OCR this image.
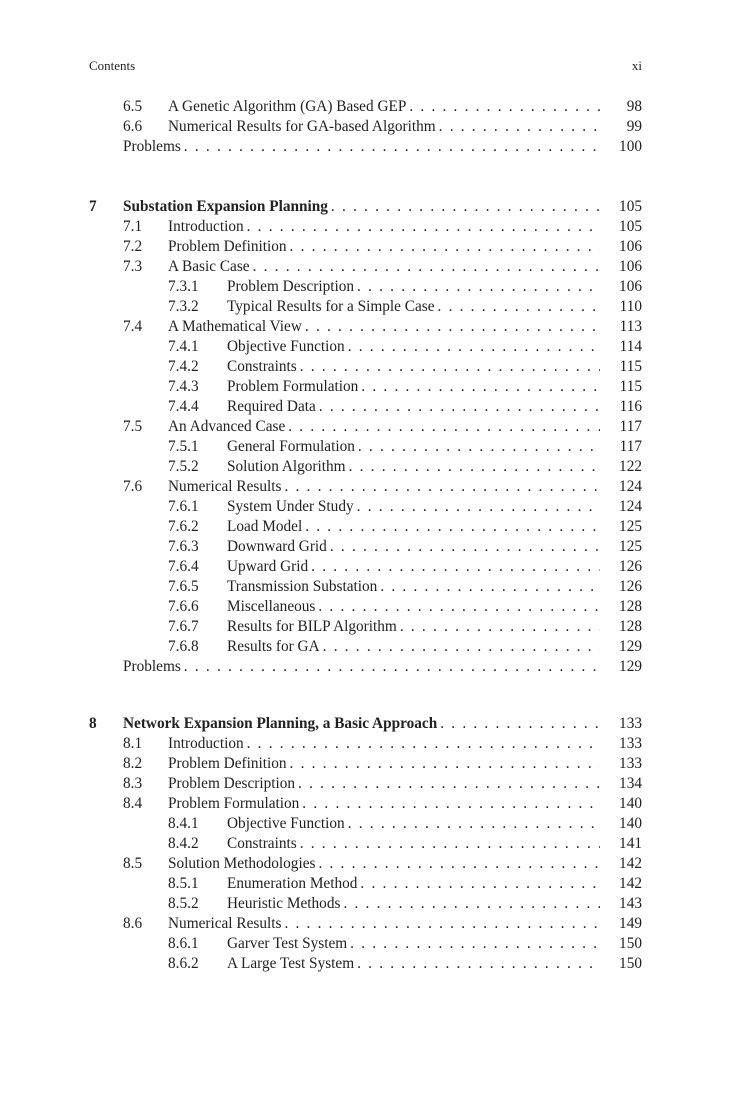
Contents	xi
6.5 A Genetic Algorithm (GA) Based GEP . . .	98
6.6 Numerical Results for GA-based Algorithm . . .	99
Problems . . .	100
7 Substation Expansion Planning . . .	105
7.1 Introduction . . .	105
7.2 Problem Definition . . .	106
7.3 A Basic Case . . .	106
7.3.1 Problem Description . . .	106
7.3.2 Typical Results for a Simple Case . . .	110
7.4 A Mathematical View . . .	113
7.4.1 Objective Function . . .	114
7.4.2 Constraints . . .	115
7.4.3 Problem Formulation . . .	115
7.4.4 Required Data . . .	116
7.5 An Advanced Case . . .	117
7.5.1 General Formulation . . .	117
7.5.2 Solution Algorithm . . .	122
7.6 Numerical Results . . .	124
7.6.1 System Under Study . . .	124
7.6.2 Load Model . . .	125
7.6.3 Downward Grid . . .	125
7.6.4 Upward Grid . . .	126
7.6.5 Transmission Substation . . .	126
7.6.6 Miscellaneous . . .	128
7.6.7 Results for BILP Algorithm . . .	128
7.6.8 Results for GA . . .	129
Problems . . .	129
8 Network Expansion Planning, a Basic Approach . . .	133
8.1 Introduction . . .	133
8.2 Problem Definition . . .	133
8.3 Problem Description . . .	134
8.4 Problem Formulation . . .	140
8.4.1 Objective Function . . .	140
8.4.2 Constraints . . .	141
8.5 Solution Methodologies . . .	142
8.5.1 Enumeration Method . . .	142
8.5.2 Heuristic Methods . . .	143
8.6 Numerical Results . . .	149
8.6.1 Garver Test System . . .	150
8.6.2 A Large Test System . . .	150
